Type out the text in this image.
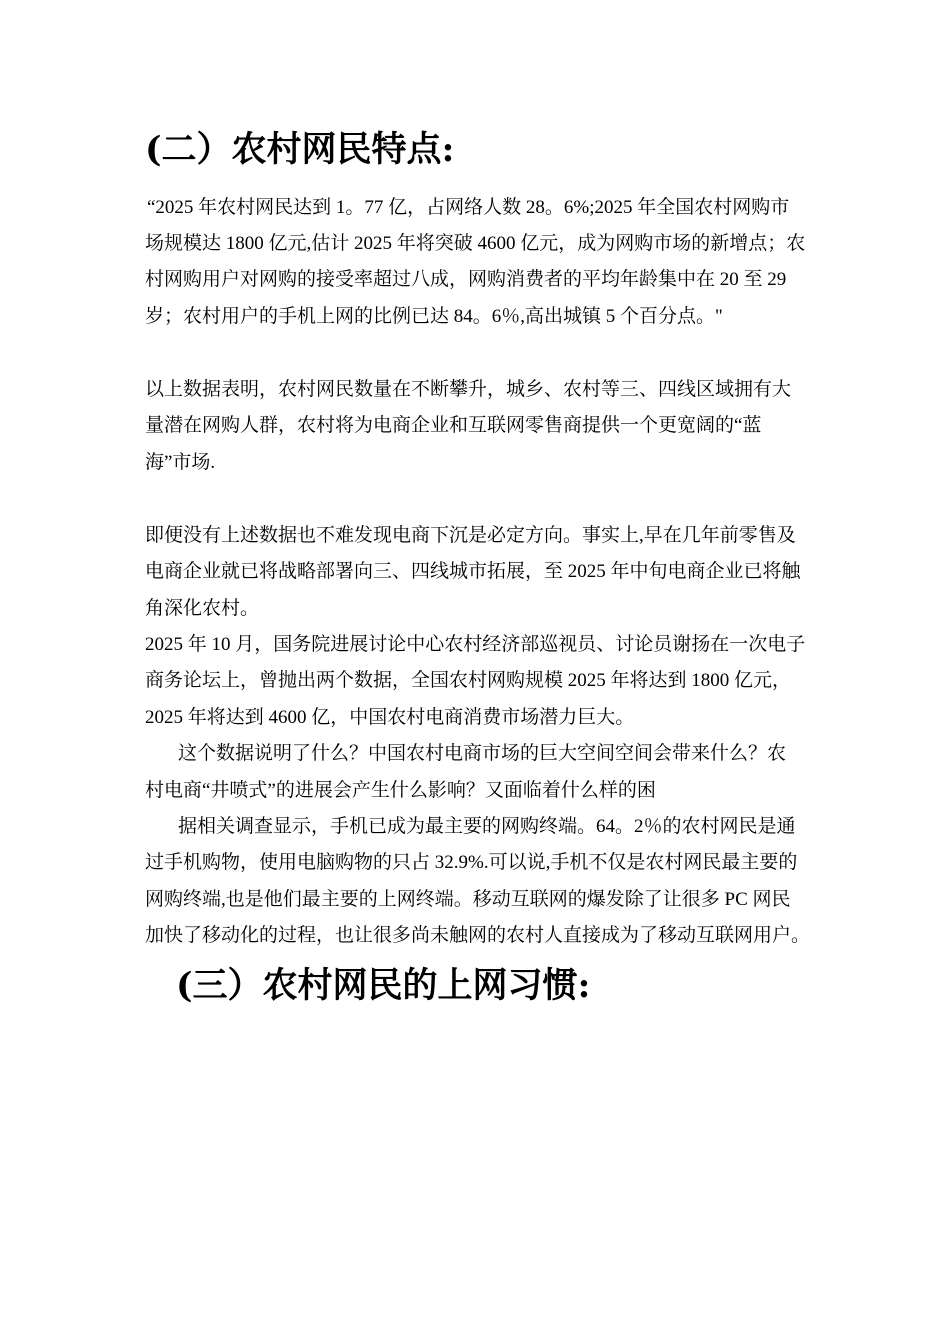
(二）农村网民特点:
“2025 年农村网民达到 1。77 亿，占网络人数 28。6%;2025 年全国农村网购市
场规模达 1800 亿元,估计 2025 年将突破 4600 亿元，成为网购市场的新增点；农
村网购用户对网购的接受率超过八成，网购消费者的平均年龄集中在 20 至 29
岁；农村用户的手机上网的比例已达 84。6％,高出城镇 5 个百分点。"
以上数据表明，农村网民数量在不断攀升，城乡、农村等三、四线区域拥有大
量潜在网购人群，农村将为电商企业和互联网零售商提供一个更宽阔的“蓝
海”市场.
即便没有上述数据也不难发现电商下沉是必定方向。事实上,早在几年前零售及
电商企业就已将战略部署向三、四线城市拓展，至 2025 年中旬电商企业已将触
角深化农村。
2025 年 10 月，国务院进展讨论中心农村经济部巡视员、讨论员谢扬在一次电子
商务论坛上，曾抛出两个数据，全国农村网购规模 2025 年将达到 1800 亿元，
2025 年将达到 4600 亿，中国农村电商消费市场潜力巨大。
这个数据说明了什么？中国农村电商市场的巨大空间空间会带来什么？农
村电商“井喷式”的进展会产生什么影响？又面临着什么样的困
据相关调查显示，手机已成为最主要的网购终端。64。2％的农村网民是通
过手机购物，使用电脑购物的只占 32.9%.可以说,手机不仅是农村网民最主要的
网购终端,也是他们最主要的上网终端。移动互联网的爆发除了让很多 PC 网民
加快了移动化的过程，也让很多尚未触网的农村人直接成为了移动互联网用户。
(三）农村网民的上网习惯:
